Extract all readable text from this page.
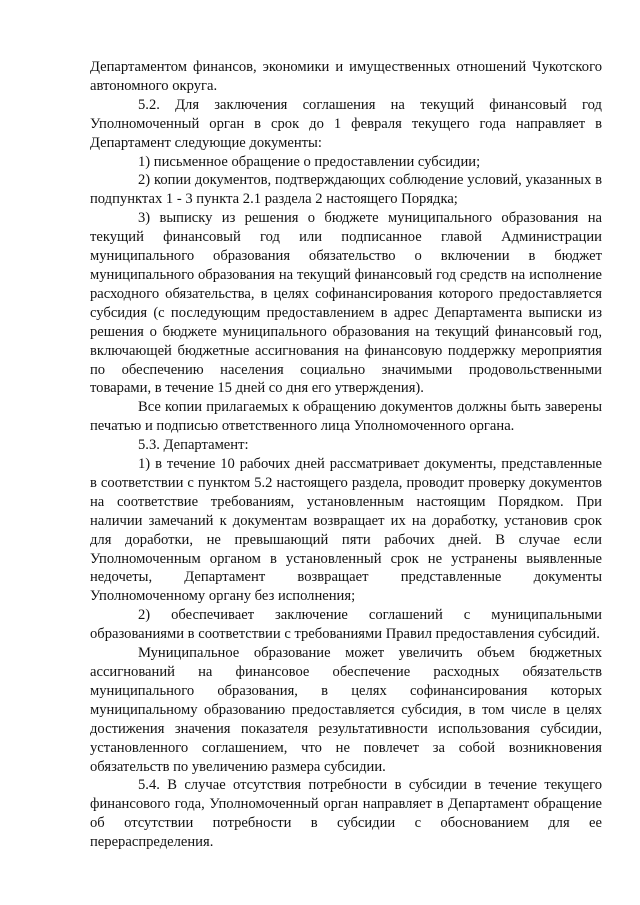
Департаментом финансов, экономики и имущественных отношений Чукотского автономного округа.

5.2. Для заключения соглашения на текущий финансовый год Уполномоченный орган в срок до 1 февраля текущего года направляет в Департамент следующие документы:

1) письменное обращение о предоставлении субсидии;

2) копии документов, подтверждающих соблюдение условий, указанных в подпунктах 1 - 3 пункта 2.1 раздела 2 настоящего Порядка;

3) выписку из решения о бюджете муниципального образования на текущий финансовый год или подписанное главой Администрации муниципального образования обязательство о включении в бюджет муниципального образования на текущий финансовый год средств на исполнение расходного обязательства, в целях софинансирования которого предоставляется субсидия (с последующим предоставлением в адрес Департамента выписки из решения о бюджете муниципального образования на текущий финансовый год, включающей бюджетные ассигнования на финансовую поддержку мероприятия по обеспечению населения социально значимыми продовольственными товарами, в течение 15 дней со дня его утверждения).

Все копии прилагаемых к обращению документов должны быть заверены печатью и подписью ответственного лица Уполномоченного органа.

5.3. Департамент:

1) в течение 10 рабочих дней рассматривает документы, представленные в соответствии с пунктом 5.2 настоящего раздела, проводит проверку документов на соответствие требованиям, установленным настоящим Порядком. При наличии замечаний к документам возвращает их на доработку, установив срок для доработки, не превышающий пяти рабочих дней. В случае если Уполномоченным органом в установленный срок не устранены выявленные недочеты, Департамент возвращает представленные документы Уполномоченному органу без исполнения;

2) обеспечивает заключение соглашений с муниципальными образованиями в соответствии с требованиями Правил предоставления субсидий.

Муниципальное образование может увеличить объем бюджетных ассигнований на финансовое обеспечение расходных обязательств муниципального образования, в целях софинансирования которых муниципальному образованию предоставляется субсидия, в том числе в целях достижения значения показателя результативности использования субсидии, установленного соглашением, что не повлечет за собой возникновения обязательств по увеличению размера субсидии.

5.4. В случае отсутствия потребности в субсидии в течение текущего финансового года, Уполномоченный орган направляет в Департамент обращение об отсутствии потребности в субсидии с обоснованием для ее перераспределения.
